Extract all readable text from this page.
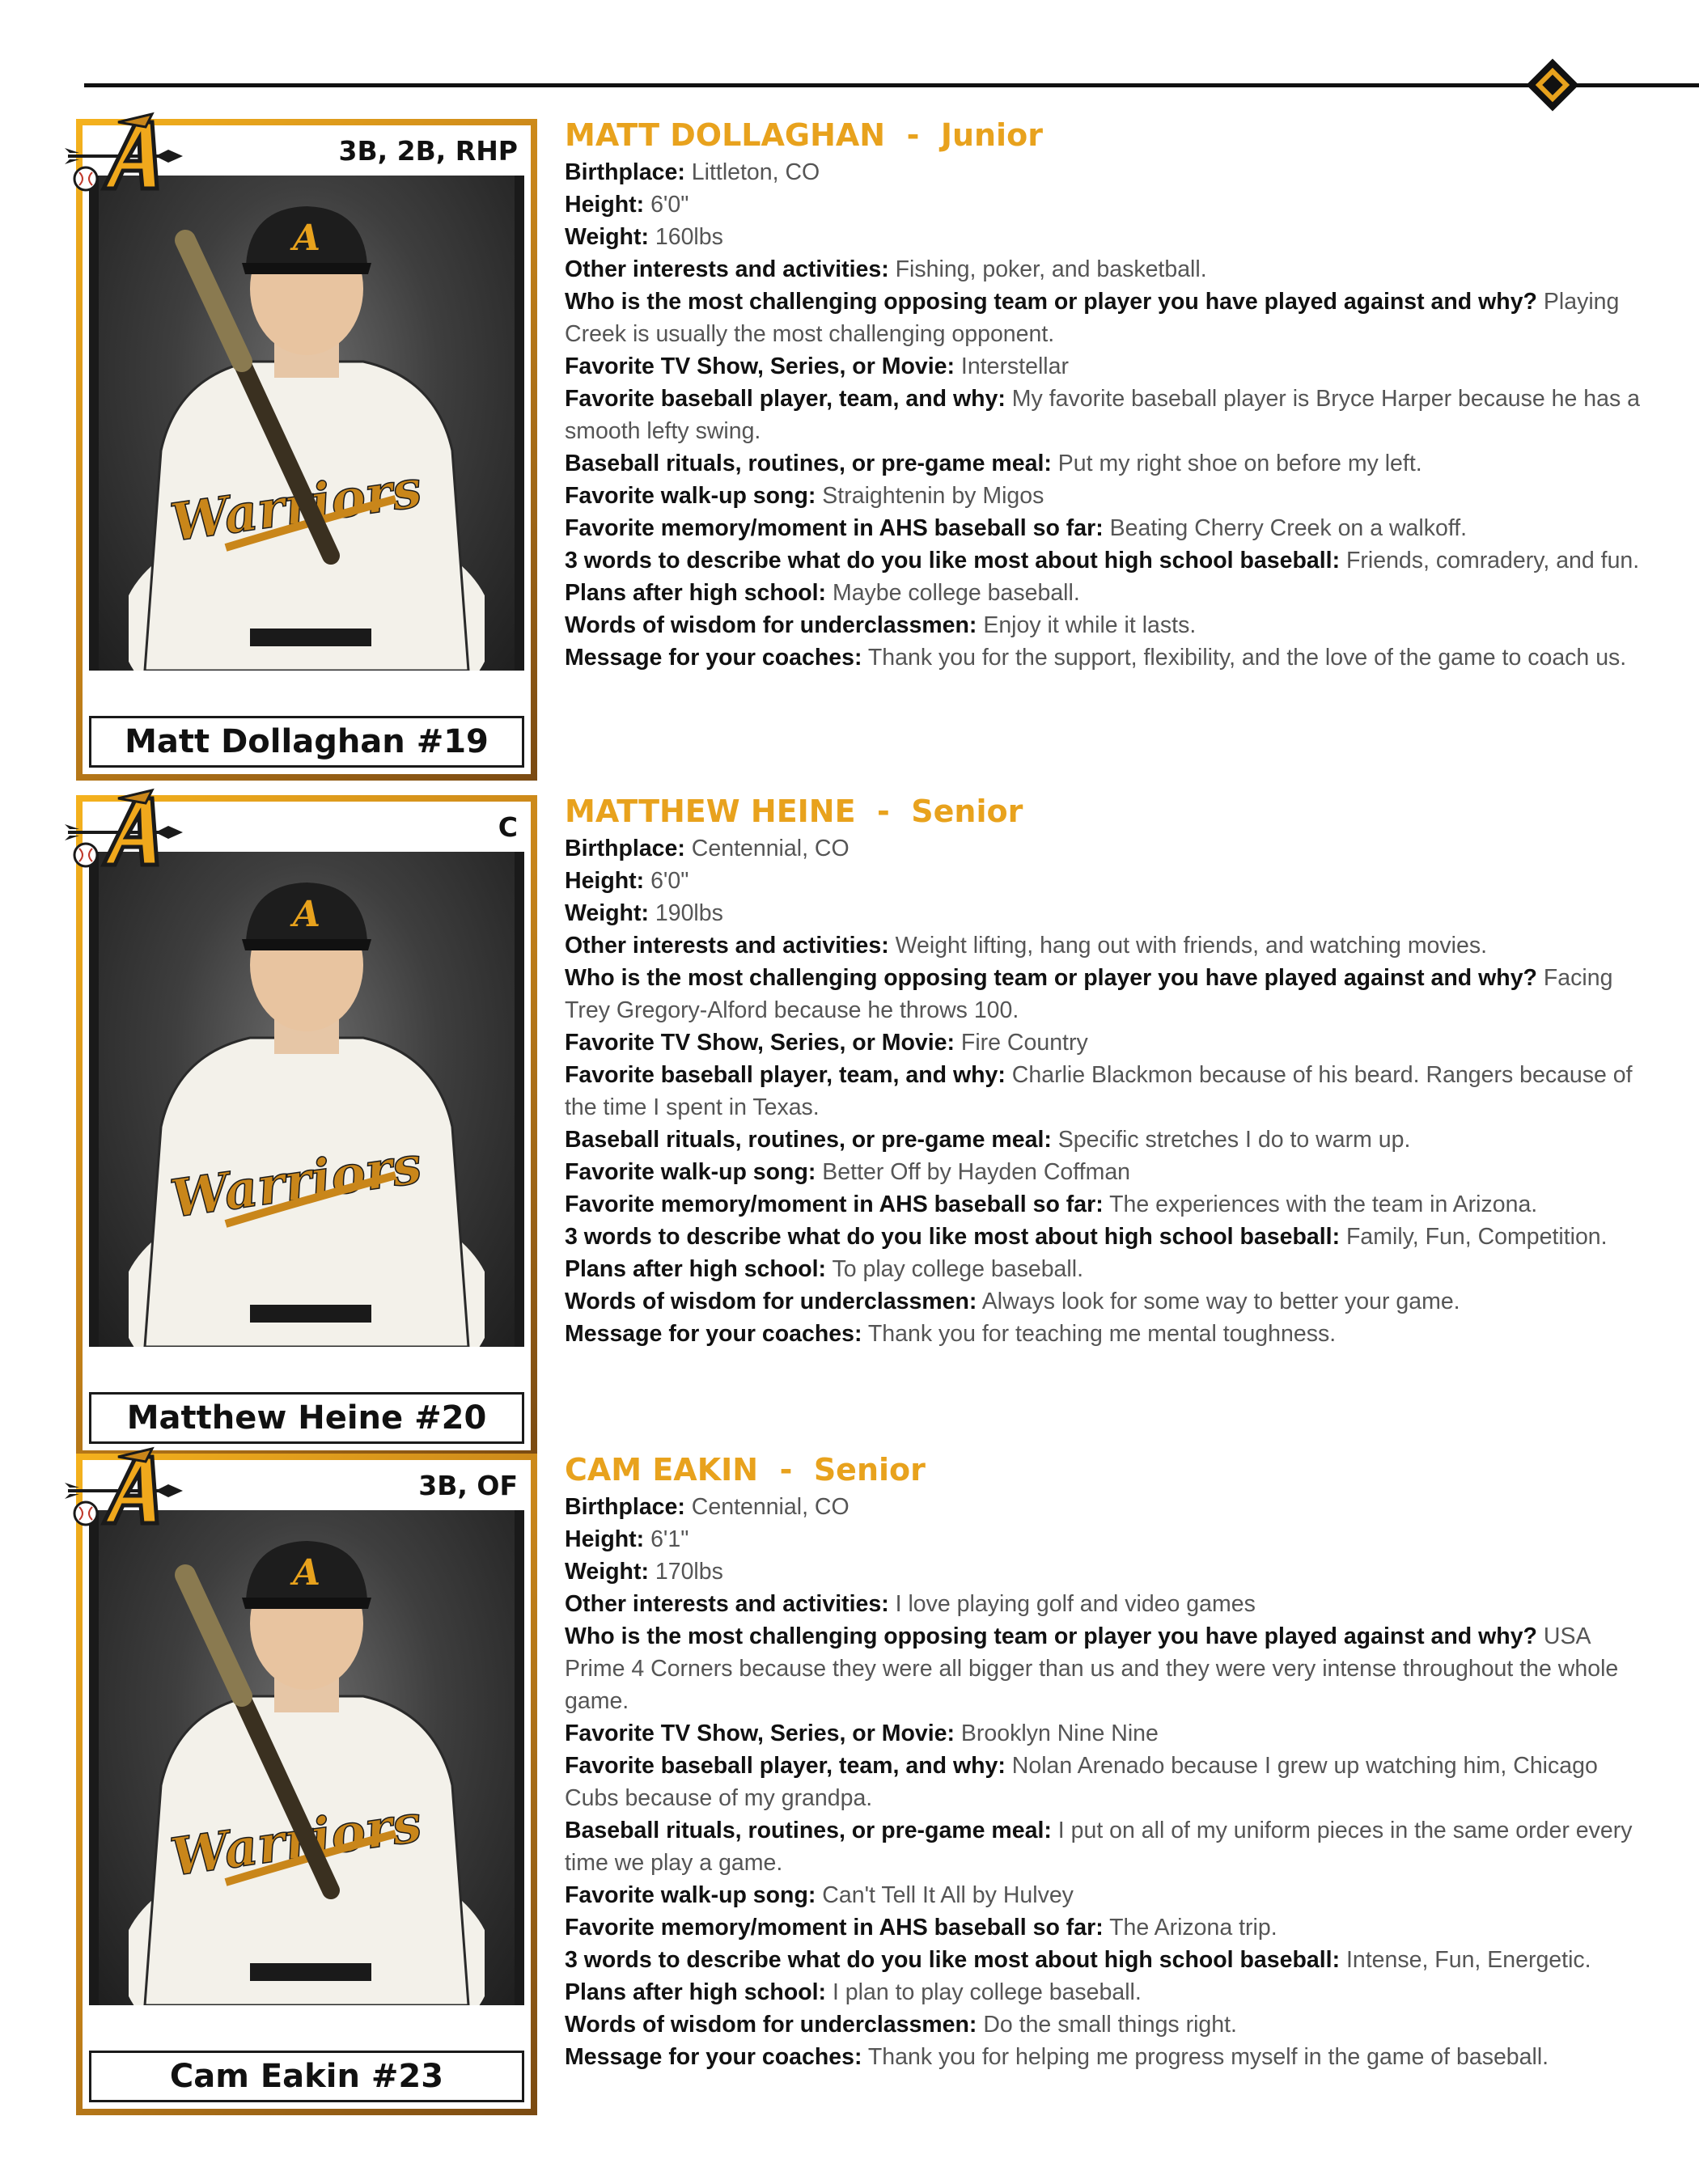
3B, 2B, RHP
A
Warriors
Matt Dollaghan #19
MATT DOLLAGHAN  -  Junior
Birthplace: Littleton, CO
Height: 6'0"
Weight: 160lbs
Other interests and activities: Fishing, poker, and basketball.
Who is the most challenging opposing team or player you have played against and why? Playing Creek is usually the most challenging opponent.
Favorite TV Show, Series, or Movie: Interstellar
Favorite baseball player, team, and why: My favorite baseball player is Bryce Harper because he has a smooth lefty swing.
Baseball rituals, routines, or pre-game meal: Put my right shoe on before my left.
Favorite walk-up song: Straightenin by Migos
Favorite memory/moment in AHS baseball so far: Beating Cherry Creek on a walkoff.
3 words to describe what do you like most about high school baseball: Friends, comradery, and fun.
Plans after high school: Maybe college baseball.
Words of wisdom for underclassmen: Enjoy it while it lasts.
Message for your coaches: Thank you for the support, flexibility, and the love of the game to coach us.
C
A
Warriors
Matthew Heine #20
MATTHEW HEINE  -  Senior
Birthplace: Centennial, CO
Height: 6'0"
Weight: 190lbs
Other interests and activities: Weight lifting, hang out with friends, and watching movies.
Who is the most challenging opposing team or player you have played against and why? Facing Trey Gregory-Alford because he throws 100.
Favorite TV Show, Series, or Movie: Fire Country
Favorite baseball player, team, and why: Charlie Blackmon because of his beard. Rangers because of the time I spent in Texas.
Baseball rituals, routines, or pre-game meal: Specific stretches I do to warm up.
Favorite walk-up song: Better Off by Hayden Coffman
Favorite memory/moment in AHS baseball so far: The experiences with the team in Arizona.
3 words to describe what do you like most about high school baseball: Family, Fun, Competition.
Plans after high school: To play college baseball.
Words of wisdom for underclassmen: Always look for some way to better your game.
Message for your coaches: Thank you for teaching me mental toughness.
3B, OF
A
Warriors
Cam Eakin #23
CAM EAKIN  -  Senior
Birthplace: Centennial, CO
Height: 6'1"
Weight: 170lbs
Other interests and activities: I love playing golf and video games
Who is the most challenging opposing team or player you have played against and why? USA Prime 4 Corners because they were all bigger than us and they were very intense throughout the whole game.
Favorite TV Show, Series, or Movie: Brooklyn Nine Nine
Favorite baseball player, team, and why: Nolan Arenado because I grew up watching him, Chicago Cubs because of my grandpa.
Baseball rituals, routines, or pre-game meal: I put on all of my uniform pieces in the same order every time we play a game.
Favorite walk-up song: Can't Tell It All by Hulvey
Favorite memory/moment in AHS baseball so far: The Arizona trip.
3 words to describe what do you like most about high school baseball: Intense, Fun, Energetic.
Plans after high school: I plan to play college baseball.
Words of wisdom for underclassmen: Do the small things right.
Message for your coaches: Thank you for helping me progress myself in the game of baseball.
